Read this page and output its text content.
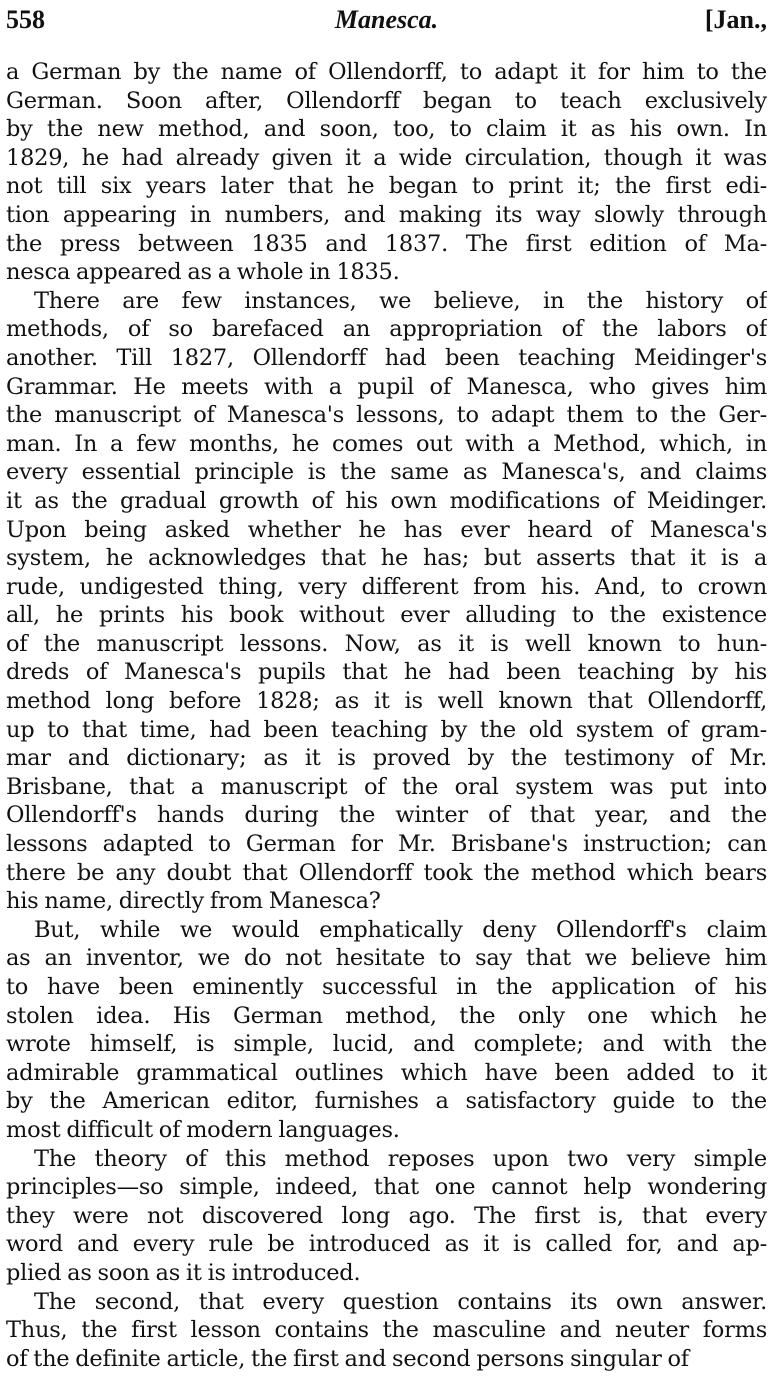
558	Manesca.	[Jan.,
a German by the name of Ollendorff, to adapt it for him to the
German. Soon after, Ollendorff began to teach exclusively
by the new method, and soon, too, to claim it as his own. In
1829, he had already given it a wide circulation, though it was
not till six years later that he began to print it; the first edi-
tion appearing in numbers, and making its way slowly through
the press between 1835 and 1837. The first edition of Ma-
nesca appeared as a whole in 1835.
There are few instances, we believe, in the history of
methods, of so barefaced an appropriation of the labors of
another. Till 1827, Ollendorff had been teaching Meidinger's
Grammar. He meets with a pupil of Manesca, who gives him
the manuscript of Manesca's lessons, to adapt them to the Ger-
man. In a few months, he comes out with a Method, which, in
every essential principle is the same as Manesca's, and claims
it as the gradual growth of his own modifications of Meidinger.
Upon being asked whether he has ever heard of Manesca's
system, he acknowledges that he has; but asserts that it is a
rude, undigested thing, very different from his. And, to crown
all, he prints his book without ever alluding to the existence
of the manuscript lessons. Now, as it is well known to hun-
dreds of Manesca's pupils that he had been teaching by his
method long before 1828; as it is well known that Ollendorff,
up to that time, had been teaching by the old system of gram-
mar and dictionary; as it is proved by the testimony of Mr.
Brisbane, that a manuscript of the oral system was put into
Ollendorff's hands during the winter of that year, and the
lessons adapted to German for Mr. Brisbane's instruction; can
there be any doubt that Ollendorff took the method which bears
his name, directly from Manesca?
But, while we would emphatically deny Ollendorff's claim
as an inventor, we do not hesitate to say that we believe him
to have been eminently successful in the application of his
stolen idea. His German method, the only one which he
wrote himself, is simple, lucid, and complete; and with the
admirable grammatical outlines which have been added to it
by the American editor, furnishes a satisfactory guide to the
most difficult of modern languages.
The theory of this method reposes upon two very simple
principles—so simple, indeed, that one cannot help wondering
they were not discovered long ago. The first is, that every
word and every rule be introduced as it is called for, and ap-
plied as soon as it is introduced.
The second, that every question contains its own answer.
Thus, the first lesson contains the masculine and neuter forms
of the definite article, the first and second persons singular of
